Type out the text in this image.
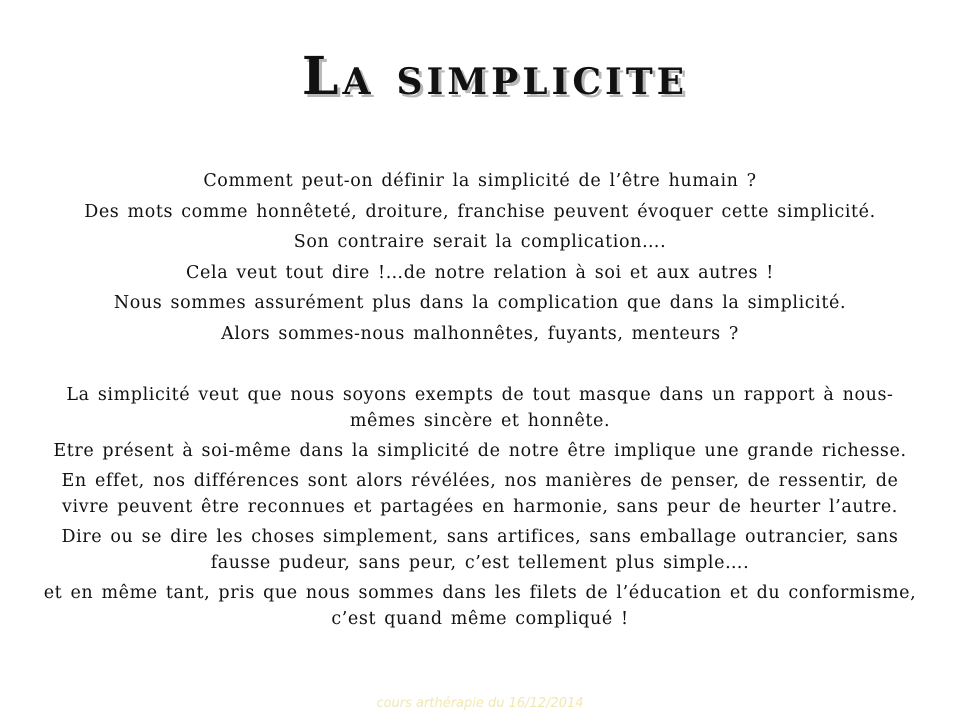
La simplicite
Comment peut-on définir la simplicité de l’être humain ?
Des mots comme honnêteté, droiture, franchise peuvent évoquer cette simplicité.
Son contraire serait la complication….
Cela veut tout dire !…de notre relation à soi et aux autres !
Nous sommes assurément plus dans la complication que dans la simplicité.
Alors sommes-nous malhonnêtes, fuyants, menteurs ?
La simplicité veut que nous soyons exempts de tout masque dans un rapport à nous-
mêmes sincère et honnête.
Etre présent à soi-même dans la simplicité de notre être implique une grande richesse.
En effet, nos différences sont alors révélées, nos manières de penser, de ressentir, de
vivre peuvent être reconnues et partagées en harmonie, sans peur de heurter l’autre.
Dire ou se dire les choses simplement, sans artifices, sans emballage outrancier, sans
fausse pudeur, sans peur, c’est tellement plus simple….
et en même tant, pris que nous sommes dans les filets de l’éducation et du conformisme,
c’est quand même compliqué !
cours arthérapie du 16/12/2014
